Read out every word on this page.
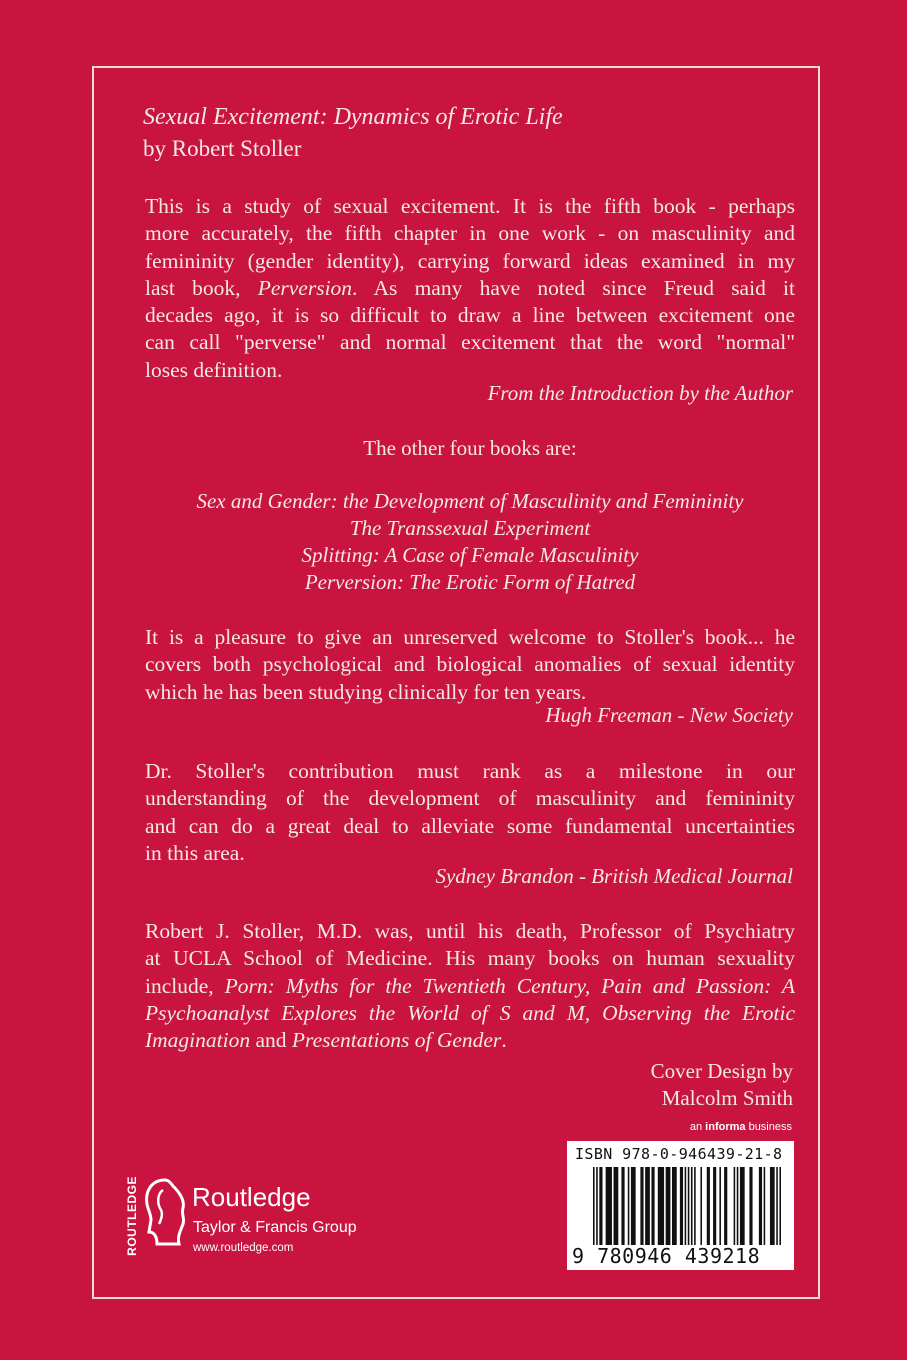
Sexual Excitement: Dynamics of Erotic Life
by Robert Stoller
This is a study of sexual excitement. It is the fifth book - perhaps
more accurately, the fifth chapter in one work - on masculinity and
femininity (gender identity), carrying forward ideas examined in my
last book, Perversion. As many have noted since Freud said it
decades ago, it is so difficult to draw a line between excitement one
can call "perverse" and normal excitement that the word "normal"
loses definition.
From the Introduction by the Author
The other four books are:
Sex and Gender: the Development of Masculinity and Femininity
The Transsexual Experiment
Splitting: A Case of Female Masculinity
Perversion: The Erotic Form of Hatred
It is a pleasure to give an unreserved welcome to Stoller's book... he
covers both psychological and biological anomalies of sexual identity
which he has been studying clinically for ten years.
Hugh Freeman - New Society
Dr. Stoller's contribution must rank as a milestone in our
understanding of the development of masculinity and femininity
and can do a great deal to alleviate some fundamental uncertainties
in this area.
Sydney Brandon - British Medical Journal
Robert J. Stoller, M.D. was, until his death, Professor of Psychiatry
at UCLA School of Medicine. His many books on human sexuality
include, Porn: Myths for the Twentieth Century, Pain and Passion: A
Psychoanalyst Explores the World of S and M, Observing the Erotic
Imagination and Presentations of Gender.
Cover Design by
Malcolm Smith
an informa business
ROUTLEDGE Routledge
Taylor & Francis Group
www.routledge.com
ISBN 978-0-946439-21-8
9 780946 439218
